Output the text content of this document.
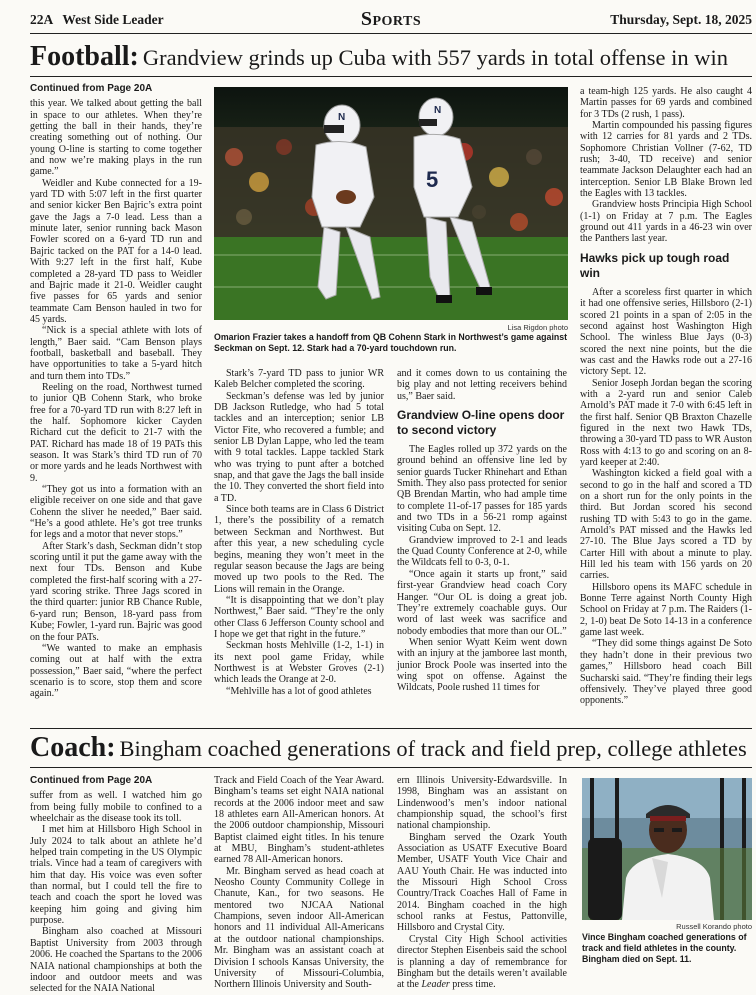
22A   West Side Leader	Sports	Thursday, Sept. 18, 2025
Football: Grandview grinds up Cuba with 557 yards in total offense in win

Continued from Page 20A

this year. We talked about getting the ball in space to our athletes. When they’re getting the ball in their hands, they’re creating something out of nothing. Our young O-line is starting to come together and now we’re making plays in the run game.”

Weidler and Kube connected for a 19-yard TD with 5:07 left in the first quarter and senior kicker Ben Bajric’s extra point gave the Jags a 7-0 lead. Less than a minute later, senior running back Mason Fowler scored on a 6-yard TD run and Bajric tacked on the PAT for a 14-0 lead. With 9:27 left in the first half, Kube completed a 28-yard TD pass to Weidler and Bajric made it 21-0. Weidler caught five passes for 65 yards and senior teammate Cam Benson hauled in two for 45 yards.

“Nick is a special athlete with lots of length,” Baer said. “Cam Benson plays football, basketball and baseball. They have opportunities to take a 5-yard hitch and turn them into TDs.”

Reeling on the road, Northwest turned to junior QB Cohenn Stark, who broke free for a 70-yard TD run with 8:27 left in the half. Sophomore kicker Cayden Richard cut the deficit to 21-7 with the PAT. Richard has made 18 of 19 PATs this season. It was Stark’s third TD run of 70 or more yards and he leads Northwest with 9.

“They got us into a formation with an eligible receiver on one side and that gave Cohenn the sliver he needed,” Baer said. “He’s a good athlete. He’s got tree trunks for legs and a motor that never stops.”

After Stark’s dash, Seckman didn’t stop scoring until it put the game away with the next four TDs. Benson and Kube completed the first-half scoring with a 27-yard scoring strike. Three Jags scored in the third quarter: junior RB Chance Ruble, 6-yard run; Benson, 18-yard pass from Kube; Fowler, 1-yard run. Bajric was good on the four PATs.

“We wanted to make an emphasis coming out at half with the extra possession,” Baer said, “where the perfect scenario is to score, stop them and score again.”

N
N
5
Lisa Rigdon photo
Omarion Frazier takes a handoff from QB Cohenn Stark in Northwest’s game against Seckman on Sept. 12. Stark had a 70-yard touchdown run.

Stark’s 7-yard TD pass to junior WR Kaleb Belcher completed the scoring.

Seckman’s defense was led by junior DB Jackson Rutledge, who had 5 total tackles and an interception; senior LB Victor Fite, who recovered a fumble; and senior LB Dylan Lappe, who led the team with 9 total tackles. Lappe tackled Stark who was trying to punt after a botched snap, and that gave the Jags the ball inside the 10. They converted the short field into a TD.

Since both teams are in Class 6 District 1, there’s the possibility of a rematch between Seckman and Northwest. But after this year, a new scheduling cycle begins, meaning they won’t meet in the regular season because the Jags are being moved up two pools to the Red. The Lions will remain in the Orange.

“It is disappointing that we don’t play Northwest,” Baer said. “They’re the only other Class 6 Jefferson County school and I hope we get that right in the future.”

Seckman hosts Mehlville (1-2, 1-1) in its next pool game Friday, while Northwest is at Webster Groves (2-1) which leads the Orange at 2-0.

“Mehlville has a lot of good athletes

and it comes down to us containing the big play and not letting receivers behind us,” Baer said.

Grandview O-line opens door to second victory

The Eagles rolled up 372 yards on the ground behind an offensive line led by senior guards Tucker Rhinehart and Ethan Smith. They also pass protected for senior QB Brendan Martin, who had ample time to complete 11-of-17 passes for 185 yards and two TDs in a 56-21 romp against visiting Cuba on Sept. 12.

Grandview improved to 2-1 and leads the Quad County Conference at 2-0, while the Wildcats fell to 0-3, 0-1.

“Once again it starts up front,” said first-year Grandview head coach Cory Hanger. “Our OL is doing a great job. They’re extremely coachable guys. Our word of last week was sacrifice and nobody embodies that more than our OL.”

When senior Wyatt Keim went down with an injury at the jamboree last month, junior Brock Poole was inserted into the wing spot on offense. Against the Wildcats, Poole rushed 11 times for

a team-high 125 yards. He also caught 4 Martin passes for 69 yards and combined for 3 TDs (2 rush, 1 pass).

Martin compounded his passing figures with 12 carries for 81 yards and 2 TDs. Sophomore Christian Vollner (7-62, TD rush; 3-40, TD receive) and senior teammate Jackson Delaughter each had an interception. Senior LB Blake Brown led the Eagles with 13 tackles.

Grandview hosts Principia High School (1-1) on Friday at 7 p.m. The Eagles ground out 411 yards in a 46-23 win over the Panthers last year.

Hawks pick up tough road win

After a scoreless first quarter in which it had one offensive series, Hillsboro (2-1) scored 21 points in a span of 2:05 in the second against host Washington High School. The winless Blue Jays (0-3) scored the next nine points, but the die was cast and the Hawks rode out a 27-16 victory Sept. 12.

Senior Joseph Jordan began the scoring with a 2-yard run and senior Caleb Arnold’s PAT made it 7-0 with 6:45 left in the first half. Senior QB Braxton Chazelle figured in the next two Hawk TDs, throwing a 30-yard TD pass to WR Auston Ross with 4:13 to go and scoring on an 8-yard keeper at 2:40.

Washington kicked a field goal with a second to go in the half and scored a TD on a short run for the only points in the third. But Jordan scored his second rushing TD with 5:43 to go in the game. Arnold’s PAT missed and the Hawks led 27-10. The Blue Jays scored a TD by Carter Hill with about a minute to play. Hill led his team with 156 yards on 20 carries.

Hillsboro opens its MAFC schedule in Bonne Terre against North County High School on Friday at 7 p.m. The Raiders (1-2, 1-0) beat De Soto 14-13 in a conference game last week.

“They did some things against De Soto they hadn’t done in their previous two games,” Hillsboro head coach Bill Sucharski said. “They’re finding their legs offensively. They’ve played three good opponents.”

Coach: Bingham coached generations of track and field prep, college athletes

Continued from Page 20A

suffer from as well. I watched him go from being fully mobile to confined to a wheelchair as the disease took its toll.

I met him at Hillsboro High School in July 2024 to talk about an athlete he’d helped train competing in the US Olympic trials. Vince had a team of caregivers with him that day. His voice was even softer than normal, but I could tell the fire to teach and coach the sport he loved was keeping him going and giving him purpose.

Bingham also coached at Missouri Baptist University from 2003 through 2006. He coached the Spartans to the 2006 NAIA national championships at both the indoor and outdoor meets and was selected for the NAIA National

Track and Field Coach of the Year Award. Bingham’s teams set eight NAIA national records at the 2006 indoor meet and saw 18 athletes earn All-American honors. At the 2006 outdoor championship, Missouri Baptist claimed eight titles. In his tenure at MBU, Bingham’s student-athletes earned 78 All-American honors.

Mr. Bingham served as head coach at Neosho County Community College in Chanute, Kan., for two seasons. He mentored two NJCAA National Champions, seven indoor All-American honors and 11 individual All-Americans at the outdoor national championships. Mr. Bingham was an assistant coach at Division I schools Kansas University, the University of Missouri-Columbia, Northern Illinois University and South-

ern Illinois University-Edwardsville. In 1998, Bingham was an assistant on Lindenwood’s men’s indoor national championship squad, the school’s first national championship.

Bingham served the Ozark Youth Association as USATF Executive Board Member, USATF Youth Vice Chair and AAU Youth Chair. He was inducted into the Missouri High School Cross Country/Track Coaches Hall of Fame in 2014. Bingham coached in the high school ranks at Festus, Pattonville, Hillsboro and Crystal City.

Crystal City High School activities director Stephen Eisenbeis said the school is planning a day of remembrance for Bingham but the details weren’t available at the Leader press time.

Russell Korando photo
Vince Bingham coached generations of track and field athletes in the county. Bingham died on Sept. 11.
